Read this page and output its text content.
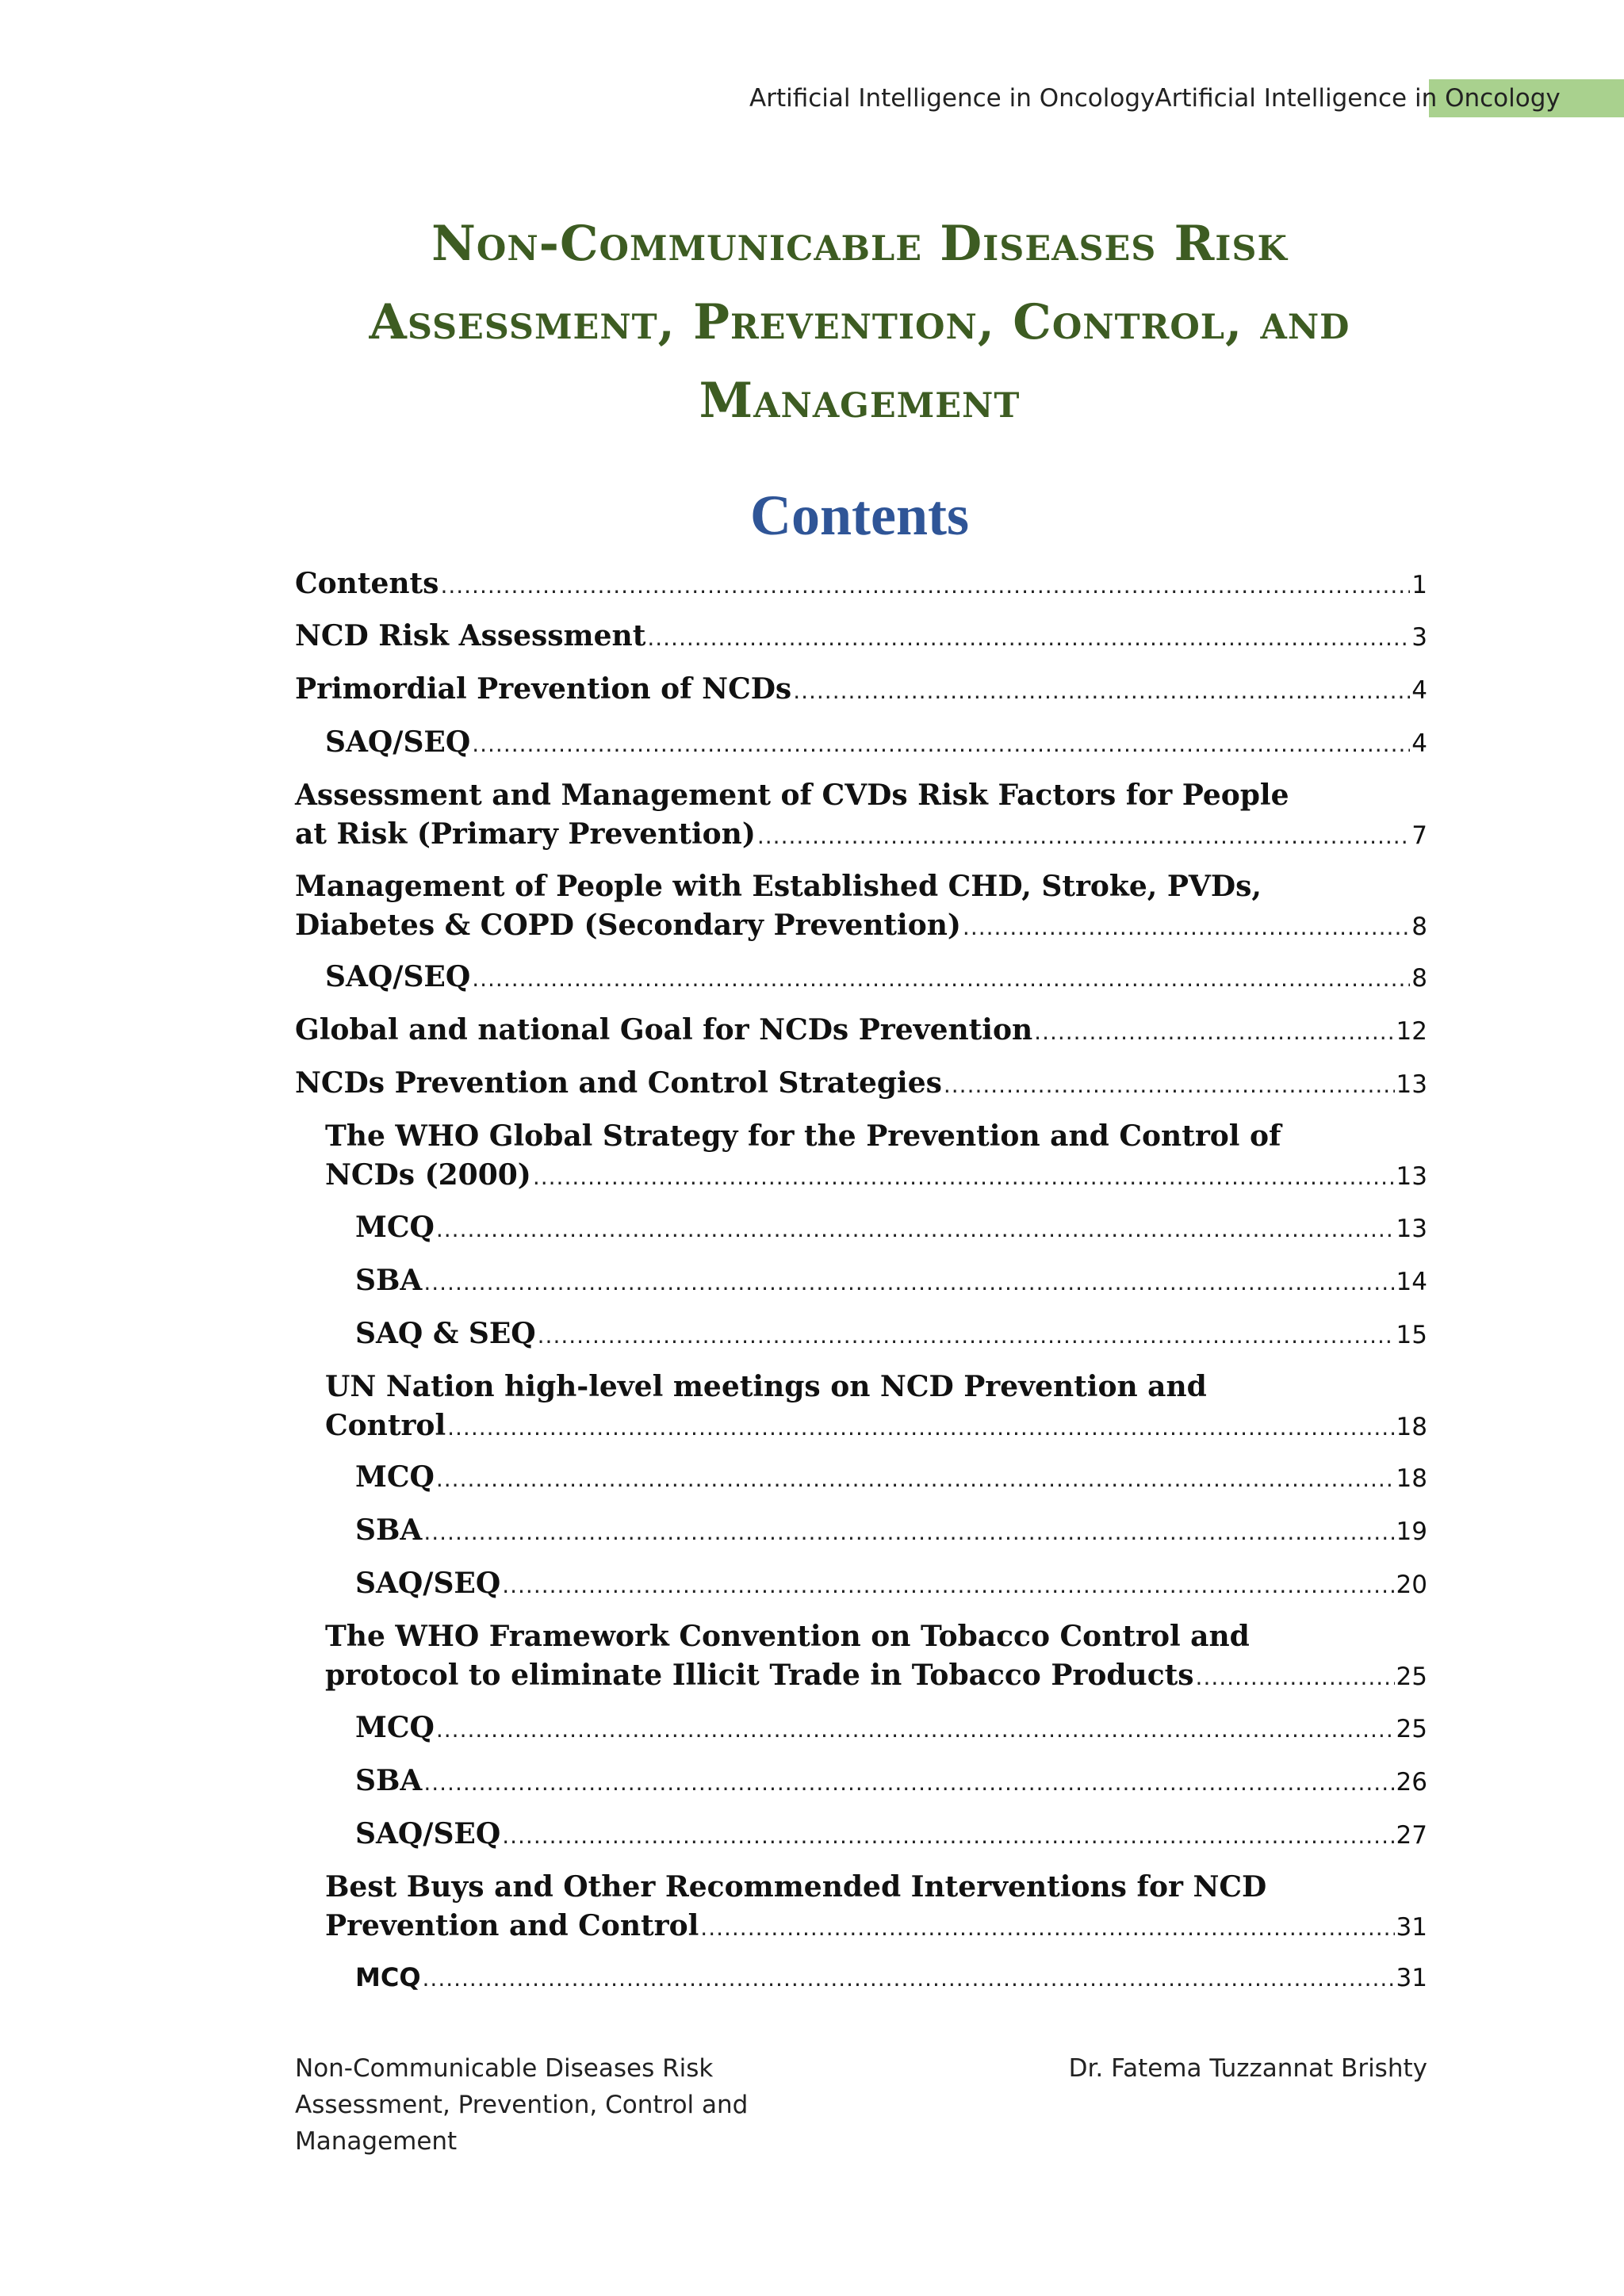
Artificial Intelligence in OncologyArtificial Intelligence in Oncology
Non-Communicable Diseases Risk Assessment, Prevention, Control, and Management
Contents
Contents .....	1
NCD Risk Assessment .....	3
Primordial Prevention of NCDs .....	4
SAQ/SEQ .....	4
Assessment and Management of CVDs Risk Factors for People
at Risk (Primary Prevention) .....	7
Management of People with Established CHD, Stroke, PVDs,
Diabetes & COPD (Secondary Prevention) .....	8
SAQ/SEQ .....	8
Global and national Goal for NCDs Prevention .....	12
NCDs Prevention and Control Strategies .....	13
The WHO Global Strategy for the Prevention and Control of
NCDs (2000) .....	13
MCQ .....	13
SBA .....	14
SAQ & SEQ .....	15
UN Nation high-level meetings on NCD Prevention and
Control .....	18
MCQ .....	18
SBA .....	19
SAQ/SEQ .....	20
The WHO Framework Convention on Tobacco Control and
protocol to eliminate Illicit Trade in Tobacco Products .....	25
MCQ .....	25
SBA .....	26
SAQ/SEQ .....	27
Best Buys and Other Recommended Interventions for NCD
Prevention and Control .....	31
MCQ .....	31
Non-Communicable Diseases Risk Assessment, Prevention, Control and Management
Dr. Fatema Tuzzannat Brishty
